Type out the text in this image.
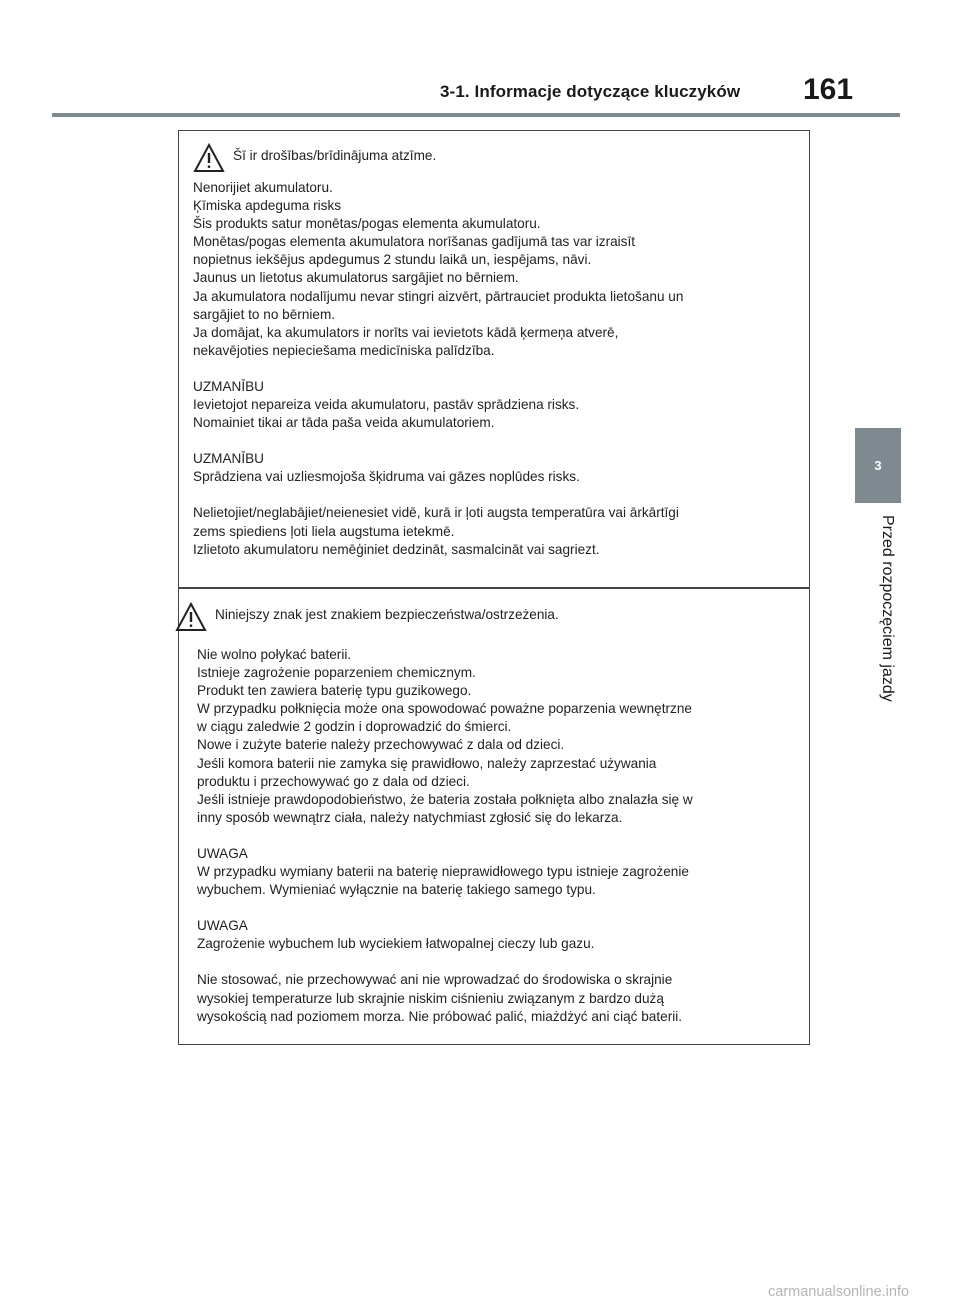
3-1. Informacje dotyczące kluczyków 161
3
Przed rozpoczęciem jazdy
Šī ir drošības/brīdinājuma atzīme.
Nenorijiet akumulatoru.
Ķīmiska apdeguma risks
Šis produkts satur monētas/pogas elementa akumulatoru.
Monētas/pogas elementa akumulatora norīšanas gadījumā tas var izraisīt
nopietnus iekšējus apdegumus 2 stundu laikā un, iespējams, nāvi.
Jaunus un lietotus akumulatorus sargājiet no bērniem.
Ja akumulatora nodalījumu nevar stingri aizvērt, pārtrauciet produkta lietošanu un
sargājiet to no bērniem.
Ja domājat, ka akumulators ir norīts vai ievietots kādā ķermeņa atverē,
nekavējoties nepieciešama medicīniska palīdzība.
UZMANĪBU
Ievietojot nepareiza veida akumulatoru, pastāv sprādziena risks.
Nomainiet tikai ar tāda paša veida akumulatoriem.
UZMANĪBU
Sprādziena vai uzliesmojoša šķidruma vai gāzes noplūdes risks.
Nelietojiet/neglabājiet/neienesiet vidē, kurā ir ļoti augsta temperatūra vai ārkārtīgi
zems spiediens ļoti liela augstuma ietekmē.
Izlietoto akumulatoru nemēģiniet dedzināt, sasmalcināt vai sagriezt.
Niniejszy znak jest znakiem bezpieczeństwa/ostrzeżenia.
Nie wolno połykać baterii.
Istnieje zagrożenie poparzeniem chemicznym.
Produkt ten zawiera baterię typu guzikowego.
W przypadku połknięcia może ona spowodować poważne poparzenia wewnętrzne
w ciągu zaledwie 2 godzin i doprowadzić do śmierci.
Nowe i zużyte baterie należy przechowywać z dala od dzieci.
Jeśli komora baterii nie zamyka się prawidłowo, należy zaprzestać używania
produktu i przechowywać go z dala od dzieci.
Jeśli istnieje prawdopodobieństwo, że bateria została połknięta albo znalazła się w
inny sposób wewnątrz ciała, należy natychmiast zgłosić się do lekarza.
UWAGA
W przypadku wymiany baterii na baterię nieprawidłowego typu istnieje zagrożenie
wybuchem. Wymieniać wyłącznie na baterię takiego samego typu.
UWAGA
Zagrożenie wybuchem lub wyciekiem łatwopalnej cieczy lub gazu.
Nie stosować, nie przechowywać ani nie wprowadzać do środowiska o skrajnie
wysokiej temperaturze lub skrajnie niskim ciśnieniu związanym z bardzo dużą
wysokością nad poziomem morza. Nie próbować palić, miażdżyć ani ciąć baterii.
carmanualsonline.info
